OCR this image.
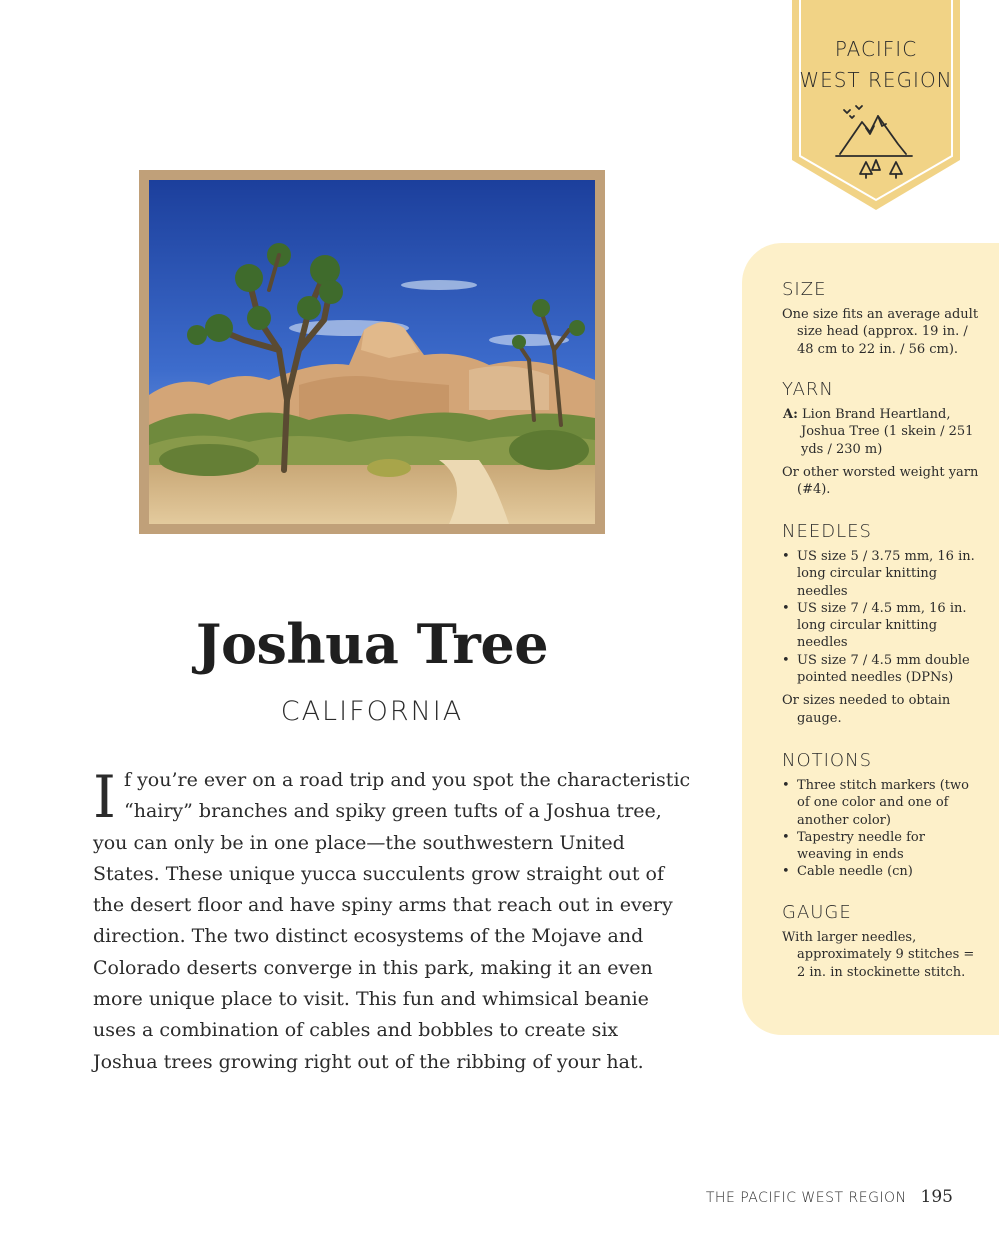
PACIFIC
WEST REGION
Joshua Tree
CALIFORNIA
I f you’re ever on a road trip and you spot the characteristic
“hairy” branches and spiky green tufts of a Joshua tree,
you can only be in one place—the southwestern United
States. These unique yucca succulents grow straight out of
the desert floor and have spiny arms that reach out in every
direction. The two distinct ecosystems of the Mojave and
Colorado deserts converge in this park, making it an even
more unique place to visit. This fun and whimsical beanie
uses a combination of cables and bobbles to create six
Joshua trees growing right out of the ribbing of your hat.
SIZE

One size fits an average adult size head (approx. 19 in. / 48 cm to 22 in. / 56 cm).

YARN

A: Lion Brand Heartland, Joshua Tree (1 skein / 251 yds / 230 m)

Or other worsted weight yarn (#4).

NEEDLES
• US size 5 / 3.75 mm, 16 in. long circular knitting needles
• US size 7 / 4.5 mm, 16 in. long circular knitting needles
• US size 7 / 4.5 mm double pointed needles (DPNs)

Or sizes needed to obtain gauge.

NOTIONS
• Three stitch markers (two of one color and one of another color)
• Tapestry needle for weaving in ends
• Cable needle (cn)
GAUGE

With larger needles, approximately 9 stitches = 2 in. in stockinette stitch.

THE PACIFIC WEST REGION 195
